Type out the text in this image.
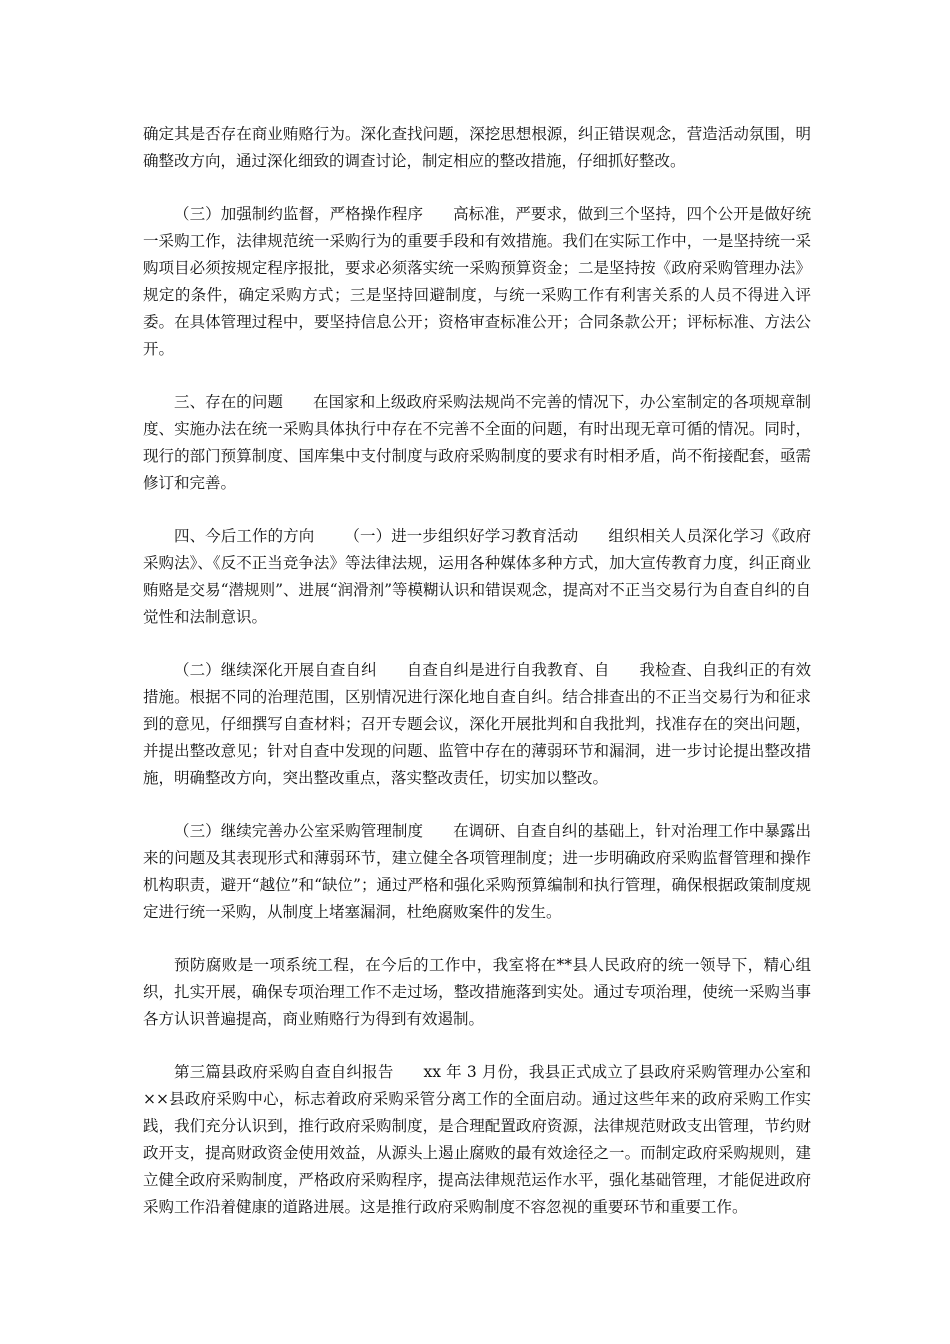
确定其是否存在商业贿赂行为。深化查找问题，深挖思想根源，纠正错误观念，营造活动氛围，明确整改方向，通过深化细致的调查讨论，制定相应的整改措施，仔细抓好整改。

（三）加强制约监督，严格操作程序 高标准，严要求，做到三个坚持，四个公开是做好统一采购工作，法律规范统一采购行为的重要手段和有效措施。我们在实际工作中，一是坚持统一采购项目必须按规定程序报批，要求必须落实统一采购预算资金；二是坚持按《政府采购管理办法》规定的条件，确定采购方式；三是坚持回避制度，与统一采购工作有利害关系的人员不得进入评委。在具体管理过程中，要坚持信息公开；资格审查标准公开；合同条款公开；评标标准、方法公开。

三、存在的问题 在国家和上级政府采购法规尚不完善的情况下，办公室制定的各项规章制度、实施办法在统一采购具体执行中存在不完善不全面的问题，有时出现无章可循的情况。同时，现行的部门预算制度、国库集中支付制度与政府采购制度的要求有时相矛盾，尚不衔接配套，亟需修订和完善。

四、今后工作的方向 （一）进一步组织好学习教育活动 组织相关人员深化学习《政府采购法》、《反不正当竞争法》等法律法规，运用各种媒体多种方式，加大宣传教育力度，纠正商业贿赂是交易“潜规则”、进展“润滑剂”等模糊认识和错误观念，提高对不正当交易行为自查自纠的自觉性和法制意识。

（二）继续深化开展自查自纠 自查自纠是进行自我教育、自 我检查、自我纠正的有效措施。根据不同的治理范围，区别情况进行深化地自查自纠。结合排查出的不正当交易行为和征求到的意见，仔细撰写自查材料；召开专题会议，深化开展批判和自我批判，找准存在的突出问题，并提出整改意见；针对自查中发现的问题、监管中存在的薄弱环节和漏洞，进一步讨论提出整改措施，明确整改方向，突出整改重点，落实整改责任，切实加以整改。

（三）继续完善办公室采购管理制度 在调研、自查自纠的基础上，针对治理工作中暴露出来的问题及其表现形式和薄弱环节，建立健全各项管理制度；进一步明确政府采购监督管理和操作机构职责，避开“越位”和“缺位”；通过严格和强化采购预算编制和执行管理，确保根据政策制度规定进行统一采购，从制度上堵塞漏洞，杜绝腐败案件的发生。

预防腐败是一项系统工程，在今后的工作中，我室将在**县人民政府的统一领导下，精心组织，扎实开展，确保专项治理工作不走过场，整改措施落到实处。通过专项治理，使统一采购当事各方认识普遍提高，商业贿赂行为得到有效遏制。

第三篇县政府采购自查自纠报告 xx 年 3 月份，我县正式成立了县政府采购管理办公室和××县政府采购中心，标志着政府采购采管分离工作的全面启动。通过这些年来的政府采购工作实践，我们充分认识到，推行政府采购制度，是合理配置政府资源，法律规范财政支出管理，节约财政开支，提高财政资金使用效益，从源头上遏止腐败的最有效途径之一。而制定政府采购规则，建立健全政府采购制度，严格政府采购程序，提高法律规范运作水平，强化基础管理，才能促进政府采购工作沿着健康的道路进展。这是推行政府采购制度不容忽视的重要环节和重要工作。
